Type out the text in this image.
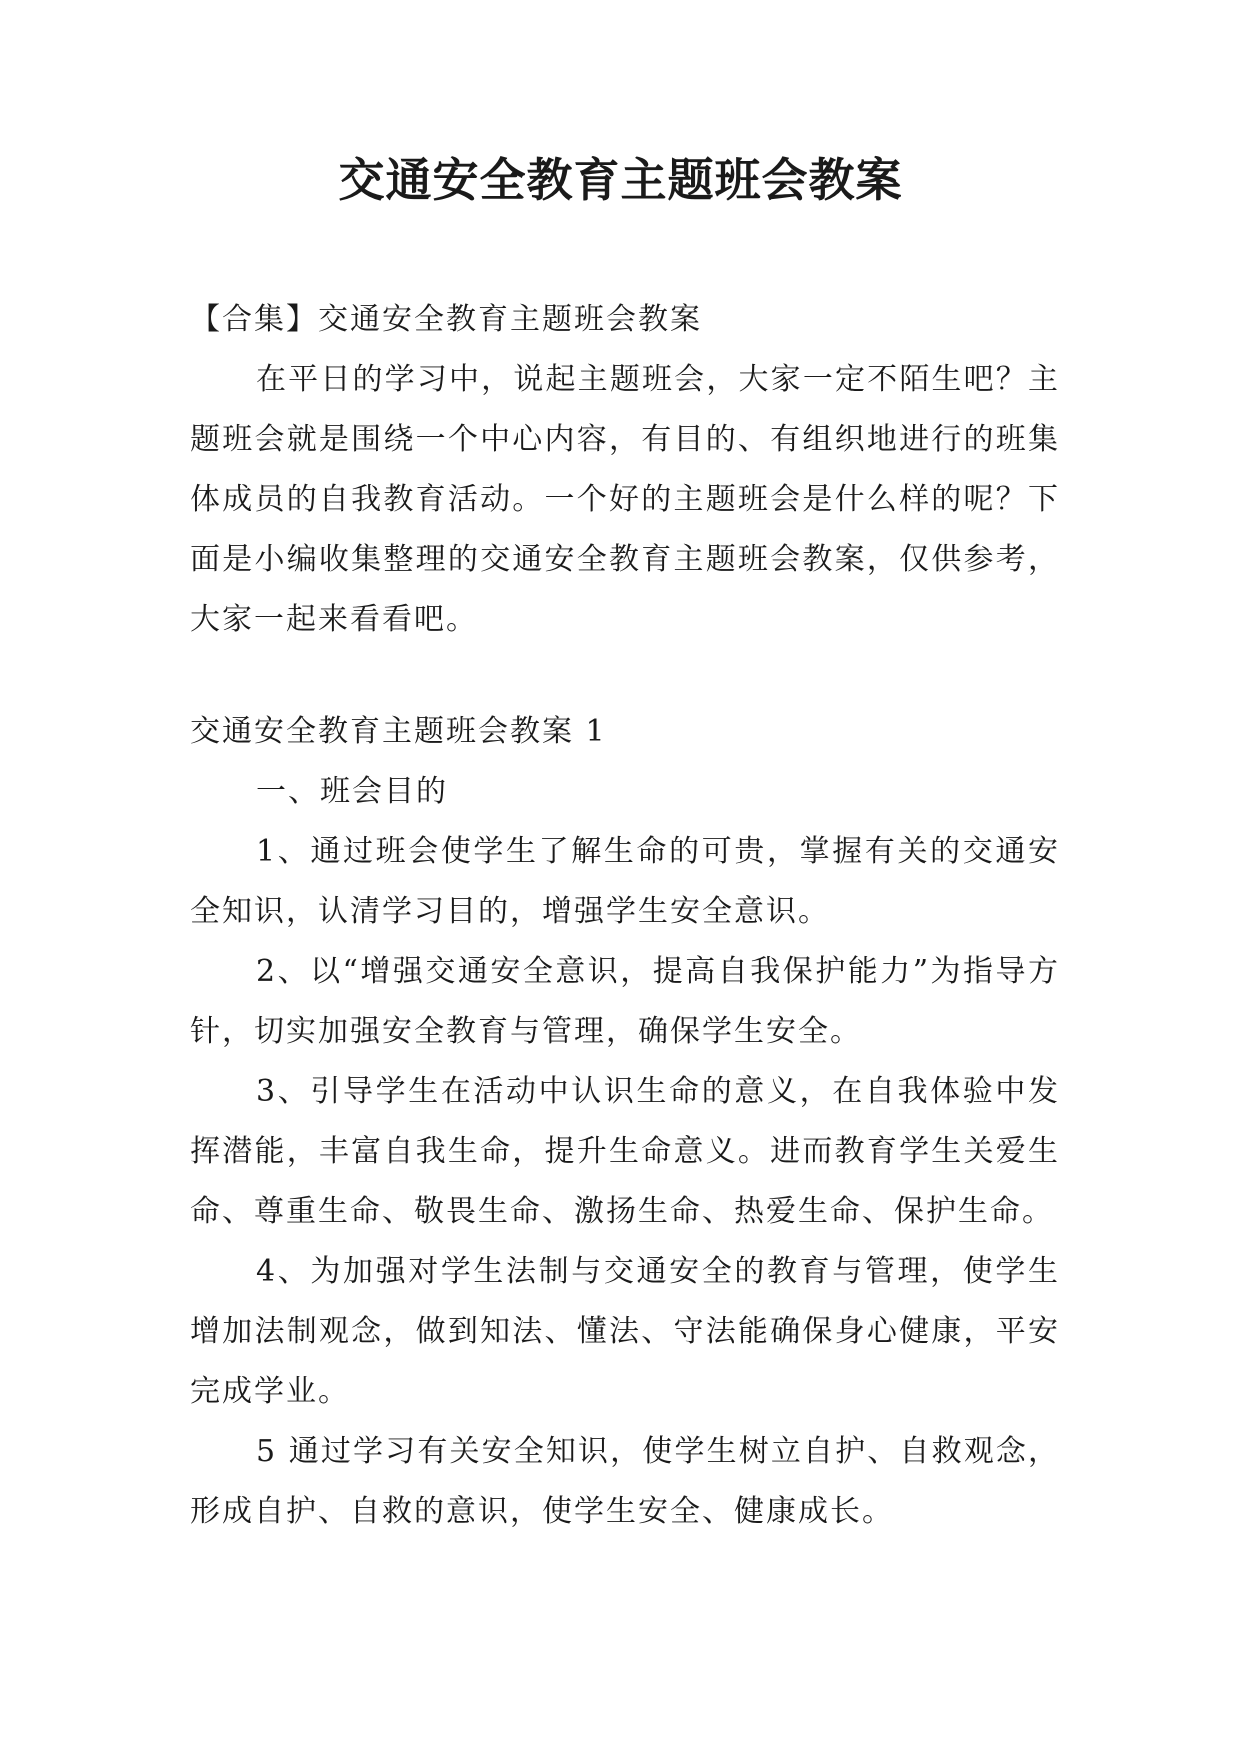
交通安全教育主题班会教案

【合集】交通安全教育主题班会教案

在平日的学习中，说起主题班会，大家一定不陌生吧？主题班会就是围绕一个中心内容，有目的、有组织地进行的班集体成员的自我教育活动。一个好的主题班会是什么样的呢？下面是小编收集整理的交通安全教育主题班会教案，仅供参考，大家一起来看看吧。

交通安全教育主题班会教案 1

一、班会目的

1、通过班会使学生了解生命的可贵，掌握有关的交通安全知识，认清学习目的，增强学生安全意识。

2、以“增强交通安全意识，提高自我保护能力”为指导方针，切实加强安全教育与管理，确保学生安全。

3、引导学生在活动中认识生命的意义，在自我体验中发挥潜能，丰富自我生命，提升生命意义。进而教育学生关爱生命、尊重生命、敬畏生命、激扬生命、热爱生命、保护生命。

4、为加强对学生法制与交通安全的教育与管理，使学生增加法制观念，做到知法、懂法、守法能确保身心健康，平安完成学业。

5 通过学习有关安全知识，使学生树立自护、自救观念，形成自护、自救的意识，使学生安全、健康成长。
